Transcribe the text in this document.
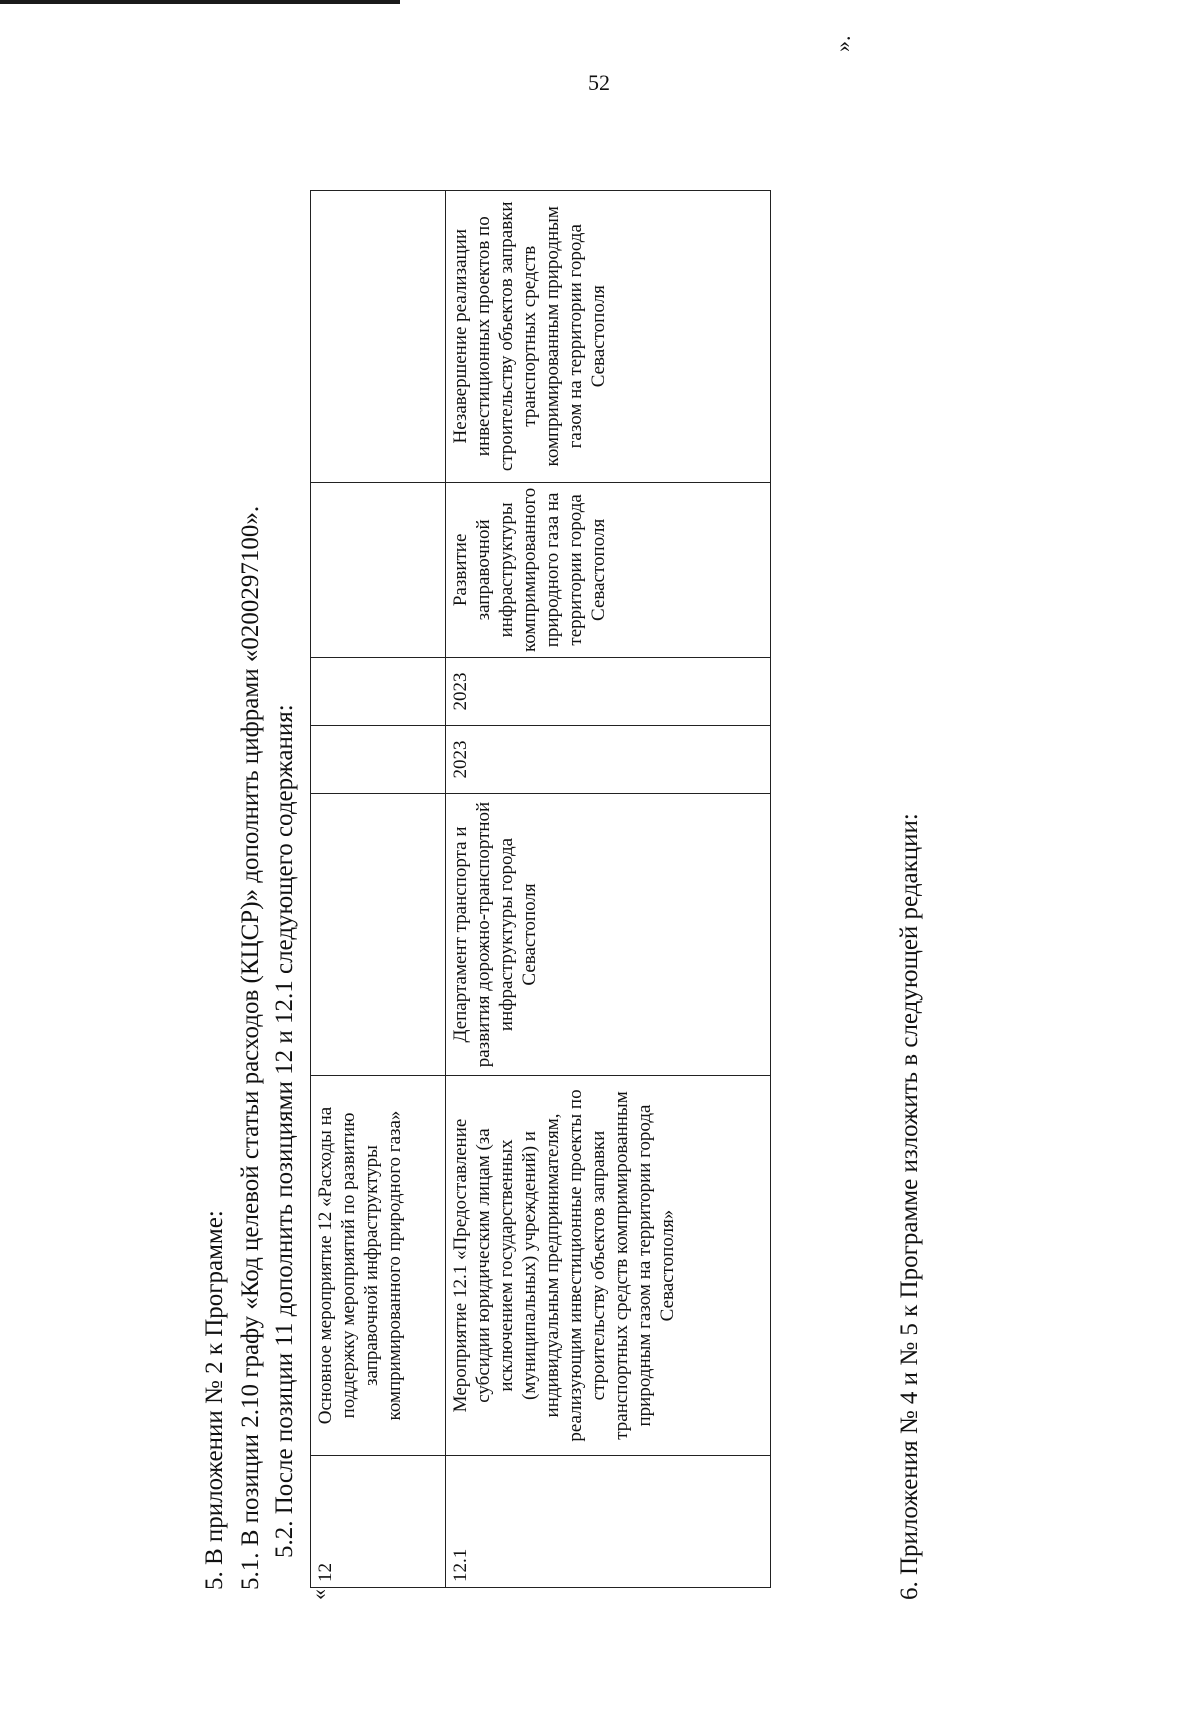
52

5. В приложении № 2 к Программе: 5.1. В позиции 2.10 графу «Код целевой статьи расходов (КЦСР)» дополнить цифрами «0200297100». 5.2. После позиции 11 дополнить позициями 12 и 12.1 следующего содержания:

«

12	Основное мероприятие 12 «Расходы на поддержку мероприятий по развитию заправочной инфраструктуры компримированного природного газа»					
12.1	Мероприятие 12.1 «Предоставление субсидии юридическим лицам (за исключением государственных (муниципальных) учреждений) и индивидуальным предпринимателям, реализующим инвестиционные проекты по строительству объектов заправки транспортных средств компримированным природным газом на территории города Севастополя»	Департамент транспорта и развития дорожно-транспортной инфраструктуры города Севастополя	2023	2023	Развитие заправочной инфраструктуры компримированного природного газа на территории города Севастополя	Незавершение реализации инвестиционных проектов по строительству объектов заправки транспортных средств компримированным природным газом на территории города Севастополя

».

6. Приложения № 4 и № 5 к Программе изложить в следующей редакции:
